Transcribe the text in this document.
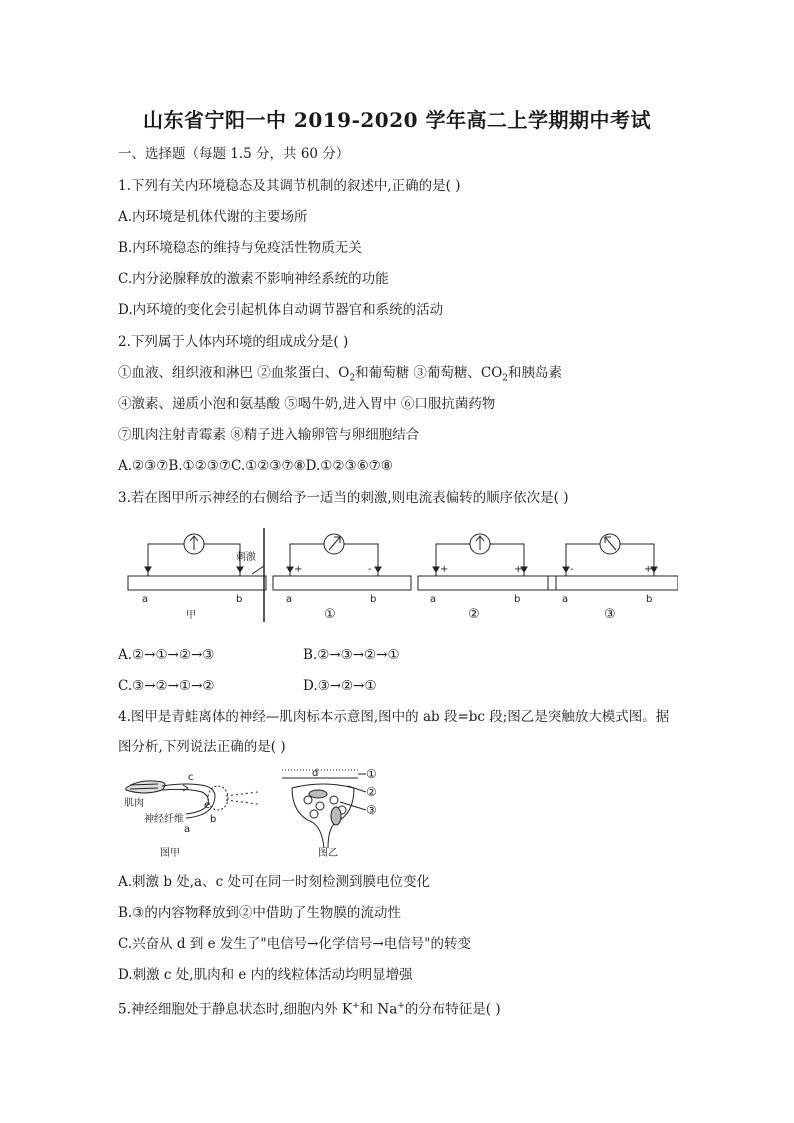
山东省宁阳一中 2019-2020 学年高二上学期期中考试
一、选择题（每题 1.5 分，共 60 分）
1.下列有关内环境稳态及其调节机制的叙述中,正确的是( )
A.内环境是机体代谢的主要场所
B.内环境稳态的维持与免疫活性物质无关
C.内分泌腺释放的激素不影响神经系统的功能
D.内环境的变化会引起机体自动调节器官和系统的活动
2.下列属于人体内环境的组成成分是( )
①血液、组织液和淋巴 ②血浆蛋白、$O_2$和葡萄糖 ③葡萄糖、$CO_2$和胰岛素
④激素、递质小泡和氨基酸 ⑤喝牛奶,进入胃中 ⑥口服抗菌药物
⑦肌肉注射青霉素 ⑧精子进入输卵管与卵细胞结合
A.②③⑦B.①②③⑦C.①②③⑦⑧D.①②③⑥⑦⑧
3.若在图甲所示神经的右侧给予一适当的刺激,则电流表偏转的顺序依次是( )
刺激
a	b
甲
+	-
a	b
①
+	+
a	b
②
-	+
a	b
③
A.②→①→②→③	B.②→③→②→①
C.③→②→①→②	D.③→②→①
4.图甲是青蛙离体的神经—肌肉标本示意图,图中的 ab 段=bc 段;图乙是突触放大模式图。据
图分析,下列说法正确的是( )
c
肌肉	e
b
神经纤维
a
图甲
d	①
②
③
图乙
A.刺激 b 处,a、c 处可在同一时刻检测到膜电位变化
B.③的内容物释放到②中借助了生物膜的流动性
C.兴奋从 d 到 e 发生了"电信号→化学信号→电信号"的转变
D.刺激 c 处,肌肉和 e 内的线粒体活动均明显增强
5.神经细胞处于静息状态时,细胞内外 K+和 Na+的分布特征是( )
